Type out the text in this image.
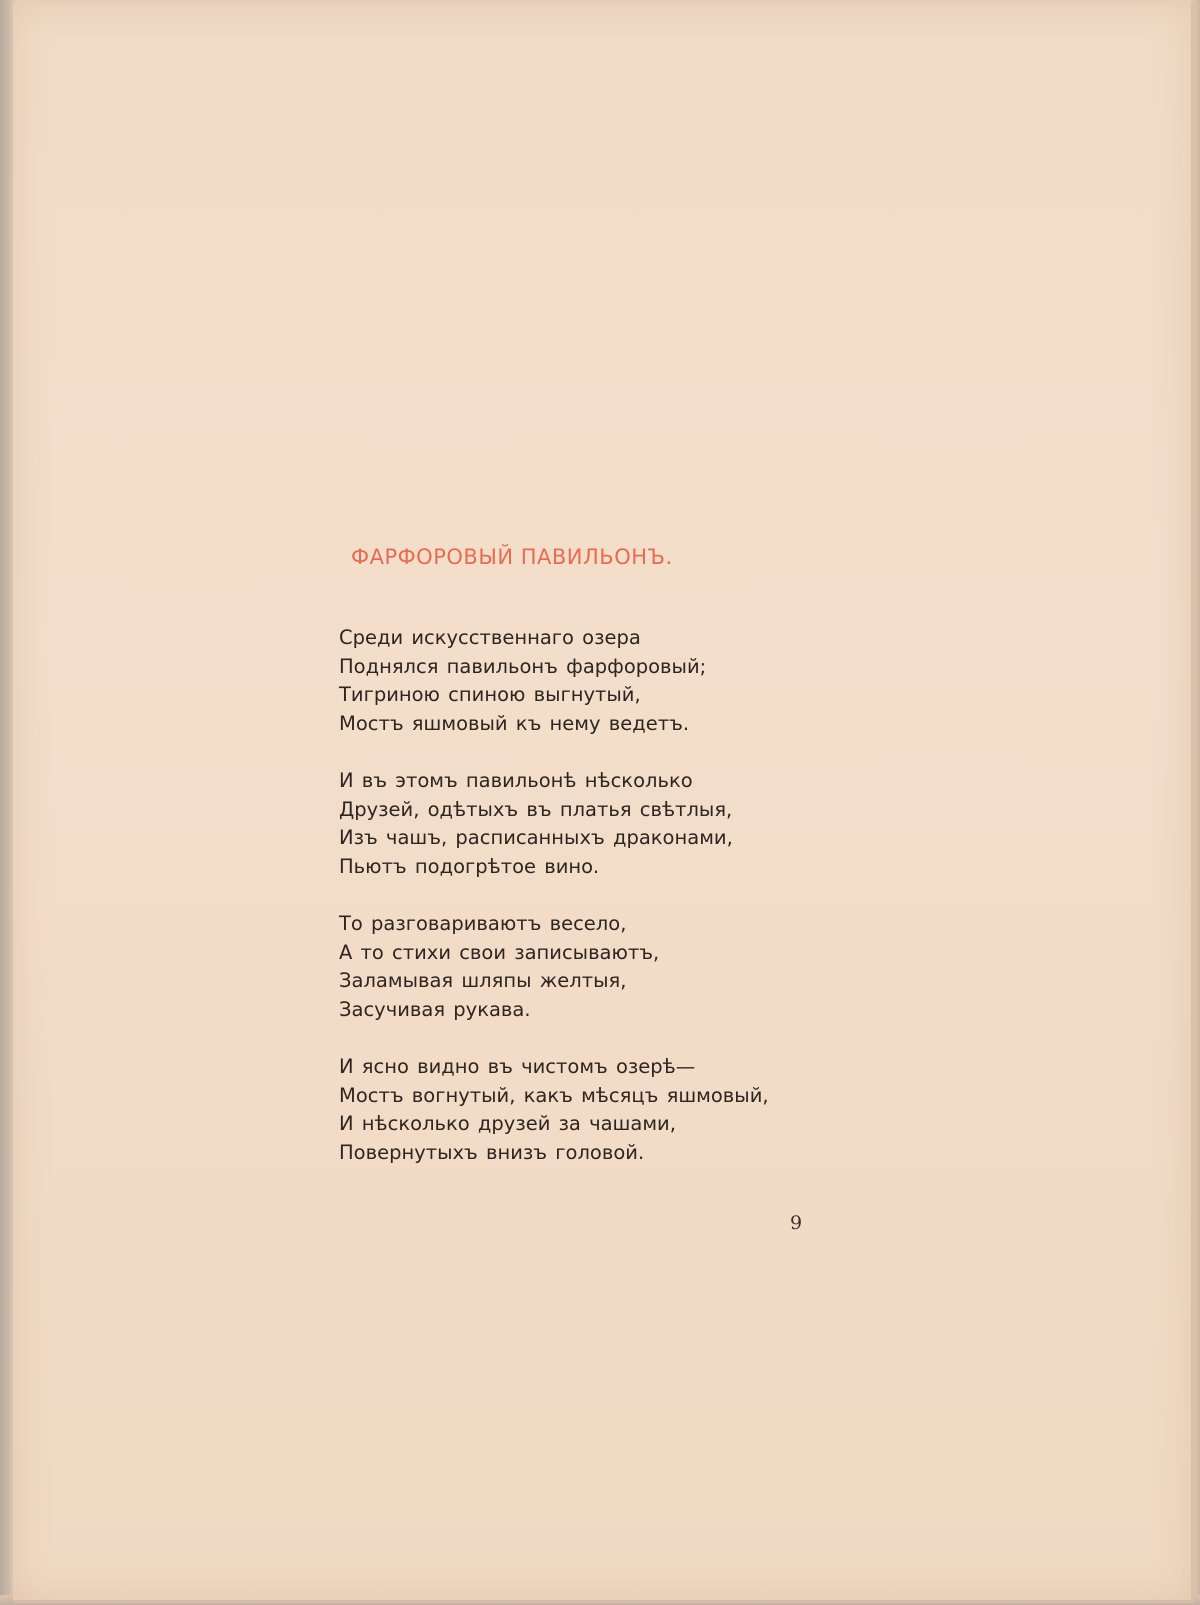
ФАРФОРОВЫЙ ПАВИЛЬОНЪ.
Среди искусственнаго озера
Поднялся павильонъ фарфоровый;
Тигриною спиною выгнутый,
Мостъ яшмовый къ нему ведетъ.
И въ этомъ павильонѣ нѣсколько
Друзей, одѣтыхъ въ платья свѣтлыя,
Изъ чашъ, расписанныхъ драконами,
Пьютъ подогрѣтое вино.
То разговариваютъ весело,
А то стихи свои записываютъ,
Заламывая шляпы желтыя,
Засучивая рукава.
И ясно видно въ чистомъ озерѣ—
Мостъ вогнутый, какъ мѣсяцъ яшмовый,
И нѣсколько друзей за чашами,
Повернутыхъ внизъ головой.
9
